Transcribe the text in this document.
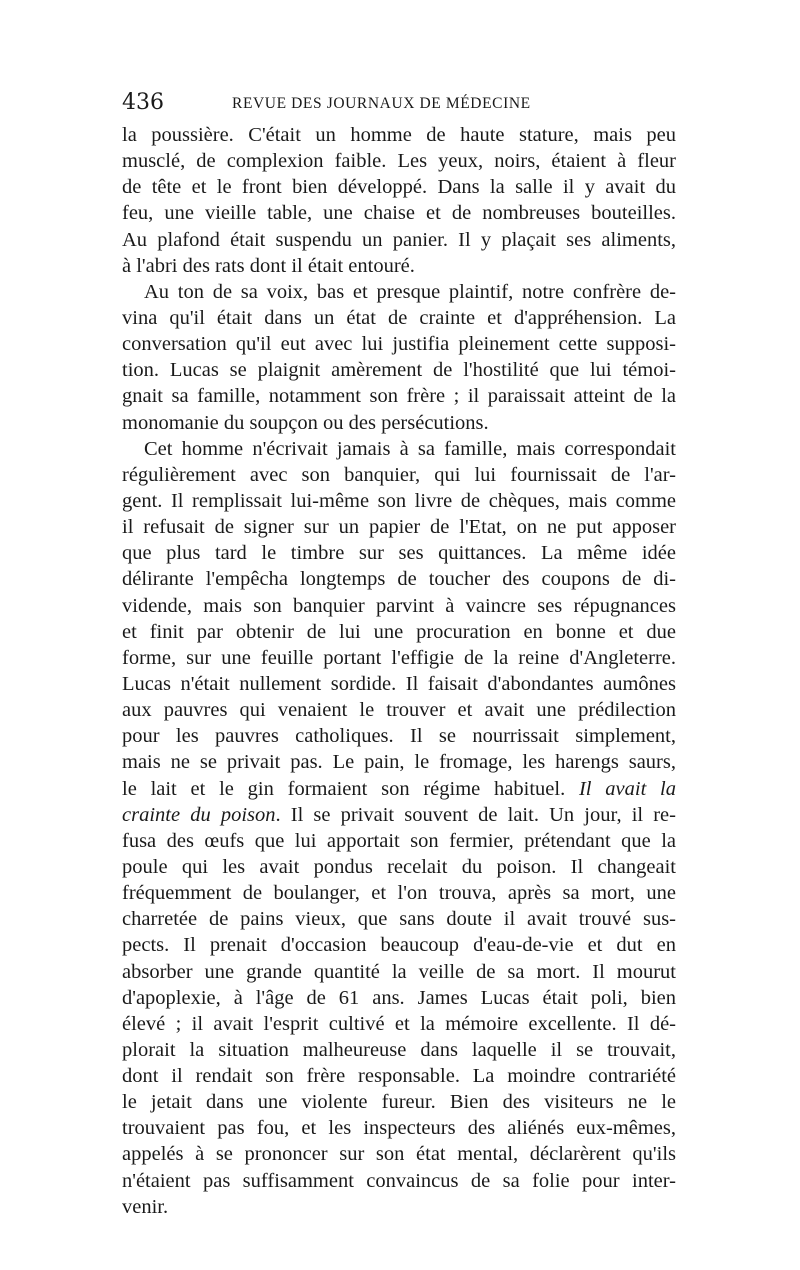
436	REVUE DES JOURNAUX DE MÉDECINE
la poussière. C'était un homme de haute stature, mais peu
musclé, de complexion faible. Les yeux, noirs, étaient à fleur
de tête et le front bien développé. Dans la salle il y avait du
feu, une vieille table, une chaise et de nombreuses bouteilles.
Au plafond était suspendu un panier. Il y plaçait ses aliments,
à l'abri des rats dont il était entouré.
Au ton de sa voix, bas et presque plaintif, notre confrère de-
vina qu'il était dans un état de crainte et d'appréhension. La
conversation qu'il eut avec lui justifia pleinement cette supposi-
tion. Lucas se plaignit amèrement de l'hostilité que lui témoi-
gnait sa famille, notamment son frère ; il paraissait atteint de la
monomanie du soupçon ou des persécutions.
Cet homme n'écrivait jamais à sa famille, mais correspondait
régulièrement avec son banquier, qui lui fournissait de l'ar-
gent. Il remplissait lui-même son livre de chèques, mais comme
il refusait de signer sur un papier de l'Etat, on ne put apposer
que plus tard le timbre sur ses quittances. La même idée
délirante l'empêcha longtemps de toucher des coupons de di-
vidende, mais son banquier parvint à vaincre ses répugnances
et finit par obtenir de lui une procuration en bonne et due
forme, sur une feuille portant l'effigie de la reine d'Angleterre.
Lucas n'était nullement sordide. Il faisait d'abondantes aumônes
aux pauvres qui venaient le trouver et avait une prédilection
pour les pauvres catholiques. Il se nourrissait simplement,
mais ne se privait pas. Le pain, le fromage, les harengs saurs,
le lait et le gin formaient son régime habituel. Il avait la
crainte du poison. Il se privait souvent de lait. Un jour, il re-
fusa des œufs que lui apportait son fermier, prétendant que la
poule qui les avait pondus recelait du poison. Il changeait
fréquemment de boulanger, et l'on trouva, après sa mort, une
charretée de pains vieux, que sans doute il avait trouvé sus-
pects. Il prenait d'occasion beaucoup d'eau-de-vie et dut en
absorber une grande quantité la veille de sa mort. Il mourut
d'apoplexie, à l'âge de 61 ans. James Lucas était poli, bien
élevé ; il avait l'esprit cultivé et la mémoire excellente. Il dé-
plorait la situation malheureuse dans laquelle il se trouvait,
dont il rendait son frère responsable. La moindre contrariété
le jetait dans une violente fureur. Bien des visiteurs ne le
trouvaient pas fou, et les inspecteurs des aliénés eux-mêmes,
appelés à se prononcer sur son état mental, déclarèrent qu'ils
n'étaient pas suffisamment convaincus de sa folie pour inter-
venir.
